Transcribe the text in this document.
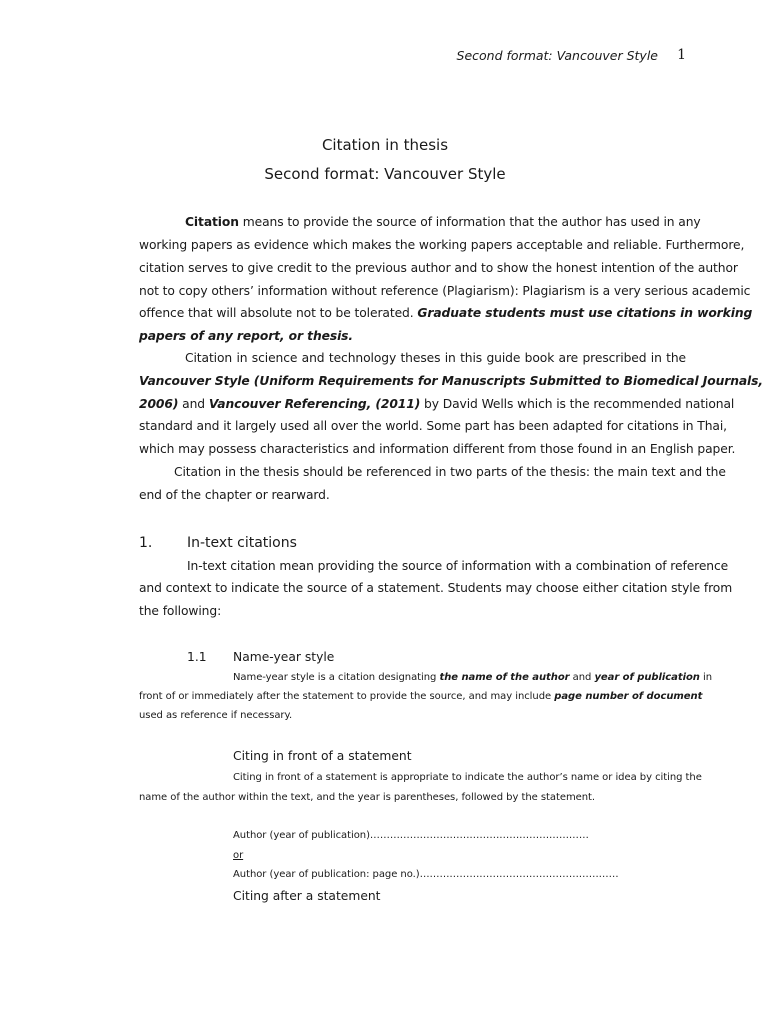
Second format: Vancouver Style	1
Citation in thesis
Second format: Vancouver Style
Citation means to provide the source of information that the author has used in any
working papers as evidence which makes the working papers acceptable and reliable. Furthermore,
citation serves to give credit to the previous author and to show the honest intention of the author
not to copy others’ information without reference (Plagiarism): Plagiarism is a very serious academic
offence that will absolute not to be tolerated. Graduate students must use citations in working
papers of any report, or thesis.
Citation in science and technology theses in this guide book are prescribed in the
Vancouver Style (Uniform Requirements for Manuscripts Submitted to Biomedical Journals,
2006) and Vancouver Referencing, (2011) by David Wells which is the recommended national
standard and it largely used all over the world. Some part has been adapted for citations in Thai,
which may possess characteristics and information different from those found in an English paper.
Citation in the thesis should be referenced in two parts of the thesis: the main text and the
end of the chapter or rearward.
1. In-text citations
In-text citation mean providing the source of information with a combination of reference
and context to indicate the source of a statement. Students may choose either citation style from
the following:
1.1 Name-year style
Name-year style is a citation designating the name of the author and year of publication in
front of or immediately after the statement to provide the source, and may include page number of document
used as reference if necessary.
Citing in front of a statement
Citing in front of a statement is appropriate to indicate the author’s name or idea by citing the
name of the author within the text, and the year is parentheses, followed by the statement.
Author (year of publication)…………………………………………………………
or
Author (year of publication: page no.)……………………………………………………
Citing after a statement
